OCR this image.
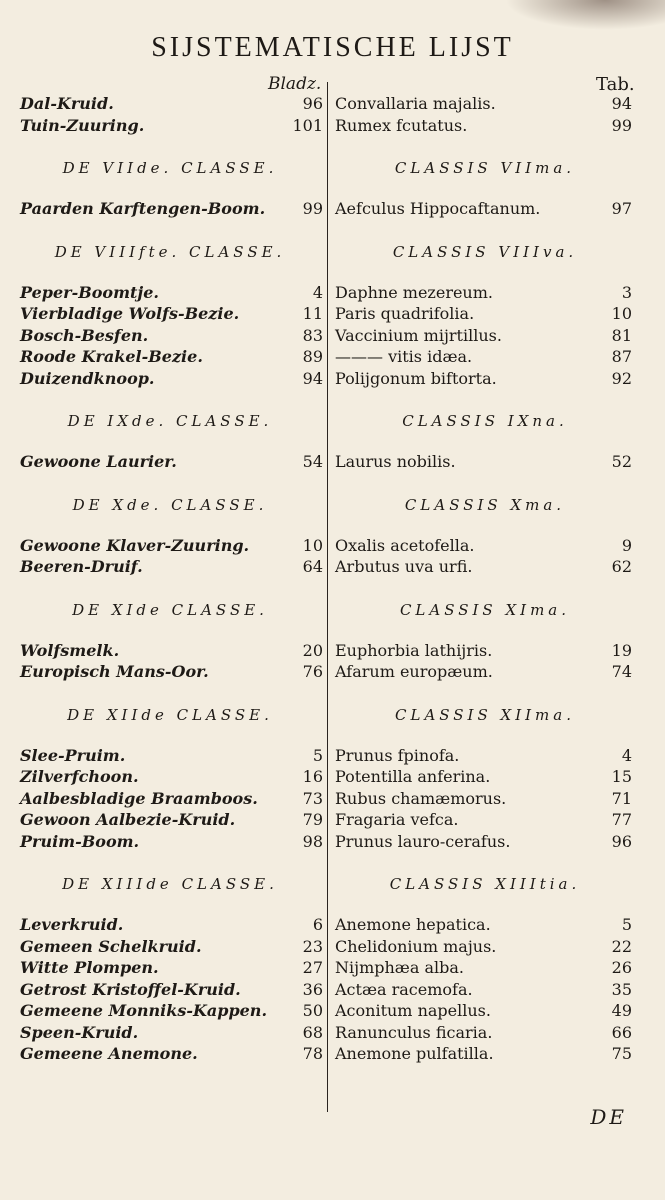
SIJSTEMATISCHE LIJST
Bladz.	Tab.
Dal-Kruid.	96 Convallaria majalis.	94
Tuin-Zuuring.	101 Rumex fcutatus.	99
DE VIIde. CLASSE.	CLASSIS VIIma.
Paarden Karftengen-Boom.	99 Aefculus Hippocaftanum.	97
DE VIIIfte. CLASSE.	CLASSIS VIIIva.
Peper-Boomtje.	4 Daphne mezereum.	3
Vierbladige Wolfs-Bezie.	11 Paris quadrifolia.	10
Bosch-Besfen.	83 Vaccinium mijrtillus.	81
Roode Krakel-Bezie.	89 ——— vitis idæa.	87
Duizendknoop.	94 Polijgonum biftorta.	92
DE IXde. CLASSE.	CLASSIS IXna.
Gewoone Laurier.	54 Laurus nobilis.	52
DE Xde. CLASSE.	CLASSIS Xma.
Gewoone Klaver-Zuuring.	10 Oxalis acetofella.	9
Beeren-Druif.	64 Arbutus uva urfi.	62
DE XIde CLASSE.	CLASSIS XIma.
Wolfsmelk.	20 Euphorbia lathijris.	19
Europisch Mans-Oor.	76 Afarum europæum.	74
DE XIIde CLASSE.	CLASSIS XIIma.
Slee-Pruim.	5 Prunus fpinofa.	4
Zilverfchoon.	16 Potentilla anferina.	15
Aalbesbladige Braamboos.	73 Rubus chamæmorus.	71
Gewoon Aalbezie-Kruid.	79 Fragaria vefca.	77
Pruim-Boom.	98 Prunus lauro-cerafus.	96
DE XIIIde CLASSE.	CLASSIS XIIItia.
Leverkruid.	6 Anemone hepatica.	5
Gemeen Schelkruid.	23 Chelidonium majus.	22
Witte Plompen.	27 Nijmphæa alba.	26
Getrost Kristoffel-Kruid.	36 Actæa racemofa.	35
Gemeene Monniks-Kappen.	50 Aconitum napellus.	49
Speen-Kruid.	68 Ranunculus ficaria.	66
Gemeene Anemone.	78 Anemone pulfatilla.	75
DE
